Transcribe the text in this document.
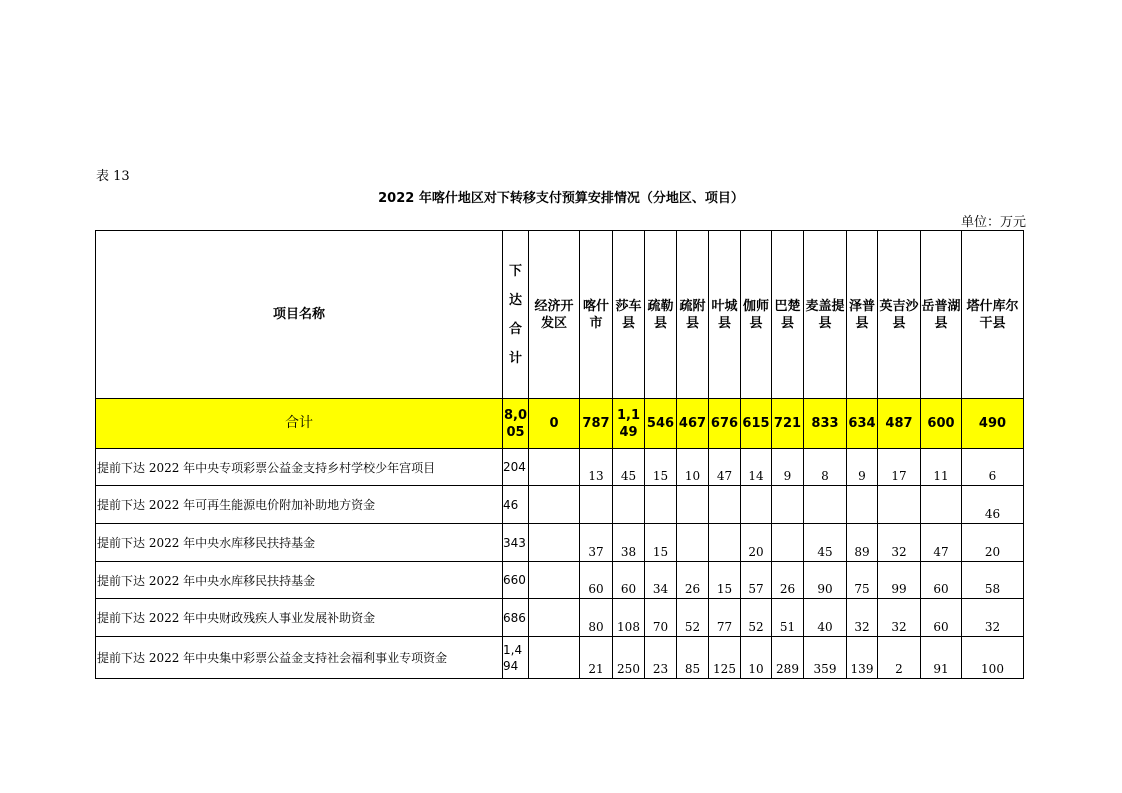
表 13
2022 年喀什地区对下转移支付预算安排情况（分地区、项目）
单位：万元
项目名称	下达合计	经济开发区	喀什市	莎车县	疏勒县	疏附县	叶城县	伽师县	巴楚县	麦盖提县	泽普县	英吉沙县	岳普湖县	塔什库尔干县
合计	8,005	0	787	1,149	546	467	676	615	721	833	634	487	600	490
提前下达 2022 年中央专项彩票公益金支持乡村学校少年宫项目	204		13	45	15	10	47	14	9	8	9	17	11	6
提前下达 2022 年可再生能源电价附加补助地方资金	46													46
提前下达 2022 年中央水库移民扶持基金	343		37	38	15			20		45	89	32	47	20
提前下达 2022 年中央水库移民扶持基金	660		60	60	34	26	15	57	26	90	75	99	60	58
提前下达 2022 年中央财政残疾人事业发展补助资金	686		80	108	70	52	77	52	51	40	32	32	60	32
提前下达 2022 年中央集中彩票公益金支持社会福利事业专项资金	1,494		21	250	23	85	125	10	289	359	139	2	91	100
